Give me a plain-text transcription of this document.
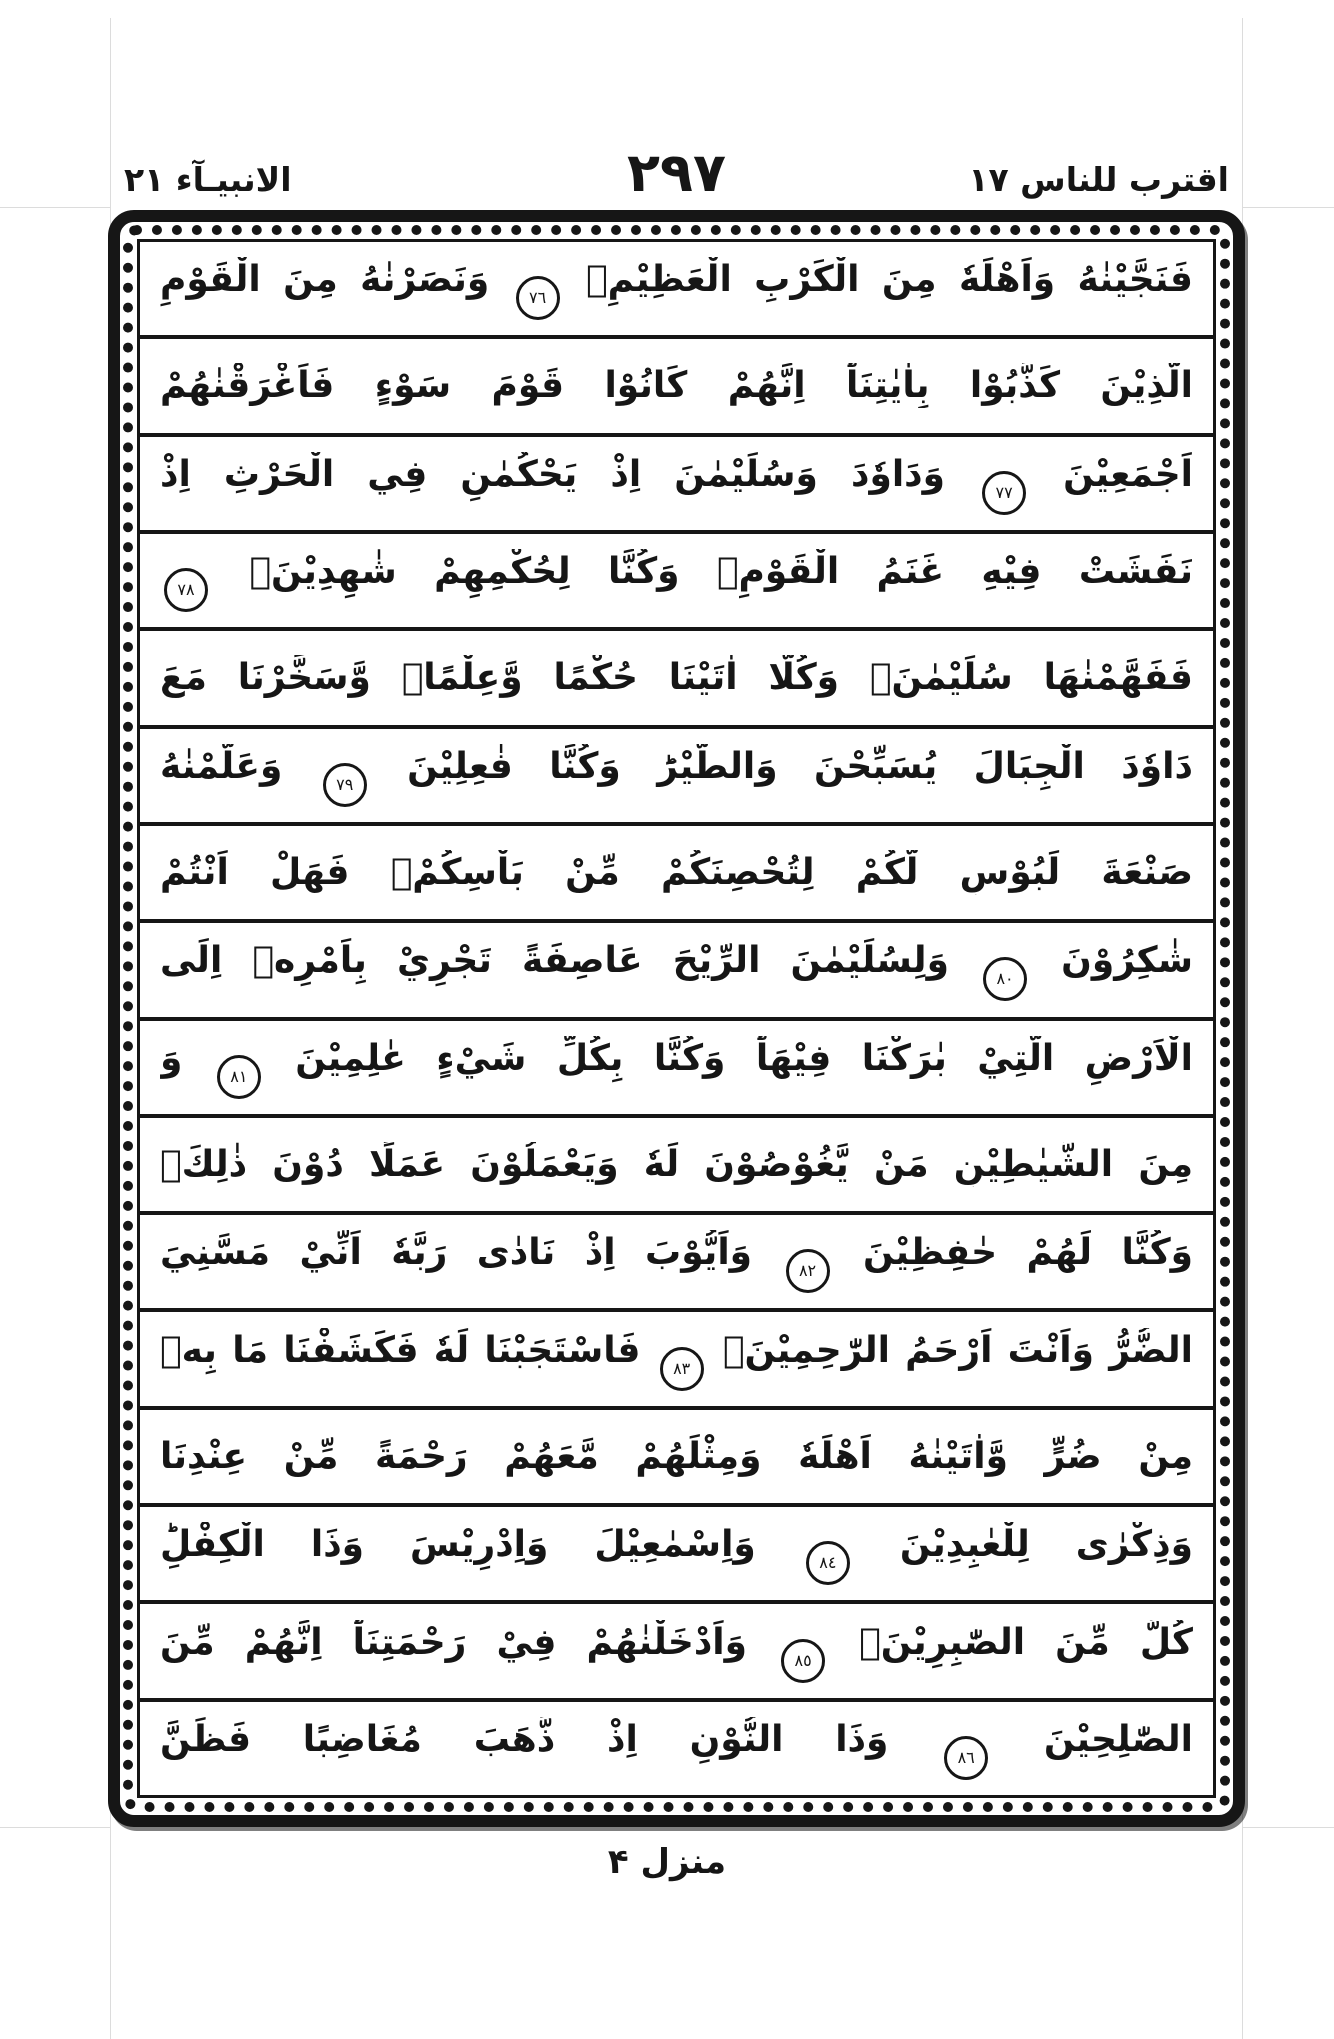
الانبيـآء ٢١	٢٩٧	اقترب للناس ١٧
فَنَجَّيْنٰهُ وَاَهْلَهٗ مِنَ الْكَرْبِ الْعَظِيْمِۚ ٧٦ وَنَصَرْنٰهُ مِنَ الْقَوْمِ
الَّذِيْنَ كَذَّبُوْا بِاٰيٰتِنَاؕ اِنَّهُمْ كَانُوْا قَوْمَ سَوْءٍ فَاَغْرَقْنٰهُمْ
اَجْمَعِيْنَ ٧٧ وَدَاوٗدَ وَسُلَيْمٰنَ اِذْ يَحْكُمٰنِ فِي الْحَرْثِ اِذْ
نَفَشَتْ فِيْهِ غَنَمُ الْقَوْمِۚ وَكُنَّا لِحُكْمِهِمْ شٰهِدِيْنَۙ ٧٨
فَفَهَّمْنٰهَا سُلَيْمٰنَۚ وَكُلًّا اٰتَيْنَا حُكْمًا وَّعِلْمًاۚ وَّسَخَّرْنَا مَعَ
دَاوٗدَ الْجِبَالَ يُسَبِّحْنَ وَالطَّيْرَؕ وَكُنَّا فٰعِلِيْنَ ٧٩ وَعَلَّمْنٰهُ
صَنْعَةَ لَبُوْسٍ لَّكُمْ لِتُحْصِنَكُمْ مِّنْ بَاْسِكُمْۚ فَهَلْ اَنْتُمْ
شٰكِرُوْنَ ٨٠ وَلِسُلَيْمٰنَ الرِّيْحَ عَاصِفَةً تَجْرِيْ بِاَمْرِهٖ اِلَى
الْاَرْضِ الَّتِيْ بٰرَكْنَا فِيْهَاؕ وَكُنَّا بِكُلِّ شَيْءٍ عٰلِمِيْنَ ٨١ وَ
مِنَ الشَّيٰطِيْنِ مَنْ يَّغُوْصُوْنَ لَهٗ وَيَعْمَلُوْنَ عَمَلًا دُوْنَ ذٰلِكَۚ
وَكُنَّا لَهُمْ حٰفِظِيْنَ ٨٢ وَاَيُّوْبَ اِذْ نَادٰى رَبَّهٗ اَنِّيْ مَسَّنِيَ
الضُّرُّ وَاَنْتَ اَرْحَمُ الرّٰحِمِيْنَۚ ٨٣ فَاسْتَجَبْنَا لَهٗ فَكَشَفْنَا مَا بِهٖ
مِنْ ضُرٍّ وَّاٰتَيْنٰهُ اَهْلَهٗ وَمِثْلَهُمْ مَّعَهُمْ رَحْمَةً مِّنْ عِنْدِنَا
وَذِكْرٰى لِلْعٰبِدِيْنَ ٨٤ وَاِسْمٰعِيْلَ وَاِدْرِيْسَ وَذَا الْكِفْلِؕ
كُلٌّ مِّنَ الصّٰبِرِيْنَۖ ٨٥ وَاَدْخَلْنٰهُمْ فِيْ رَحْمَتِنَاؕ اِنَّهُمْ مِّنَ
الصّٰلِحِيْنَ ٨٦ وَذَا النُّوْنِ اِذْ ذَّهَبَ مُغَاضِبًا فَظَنَّ
منزل ۴
